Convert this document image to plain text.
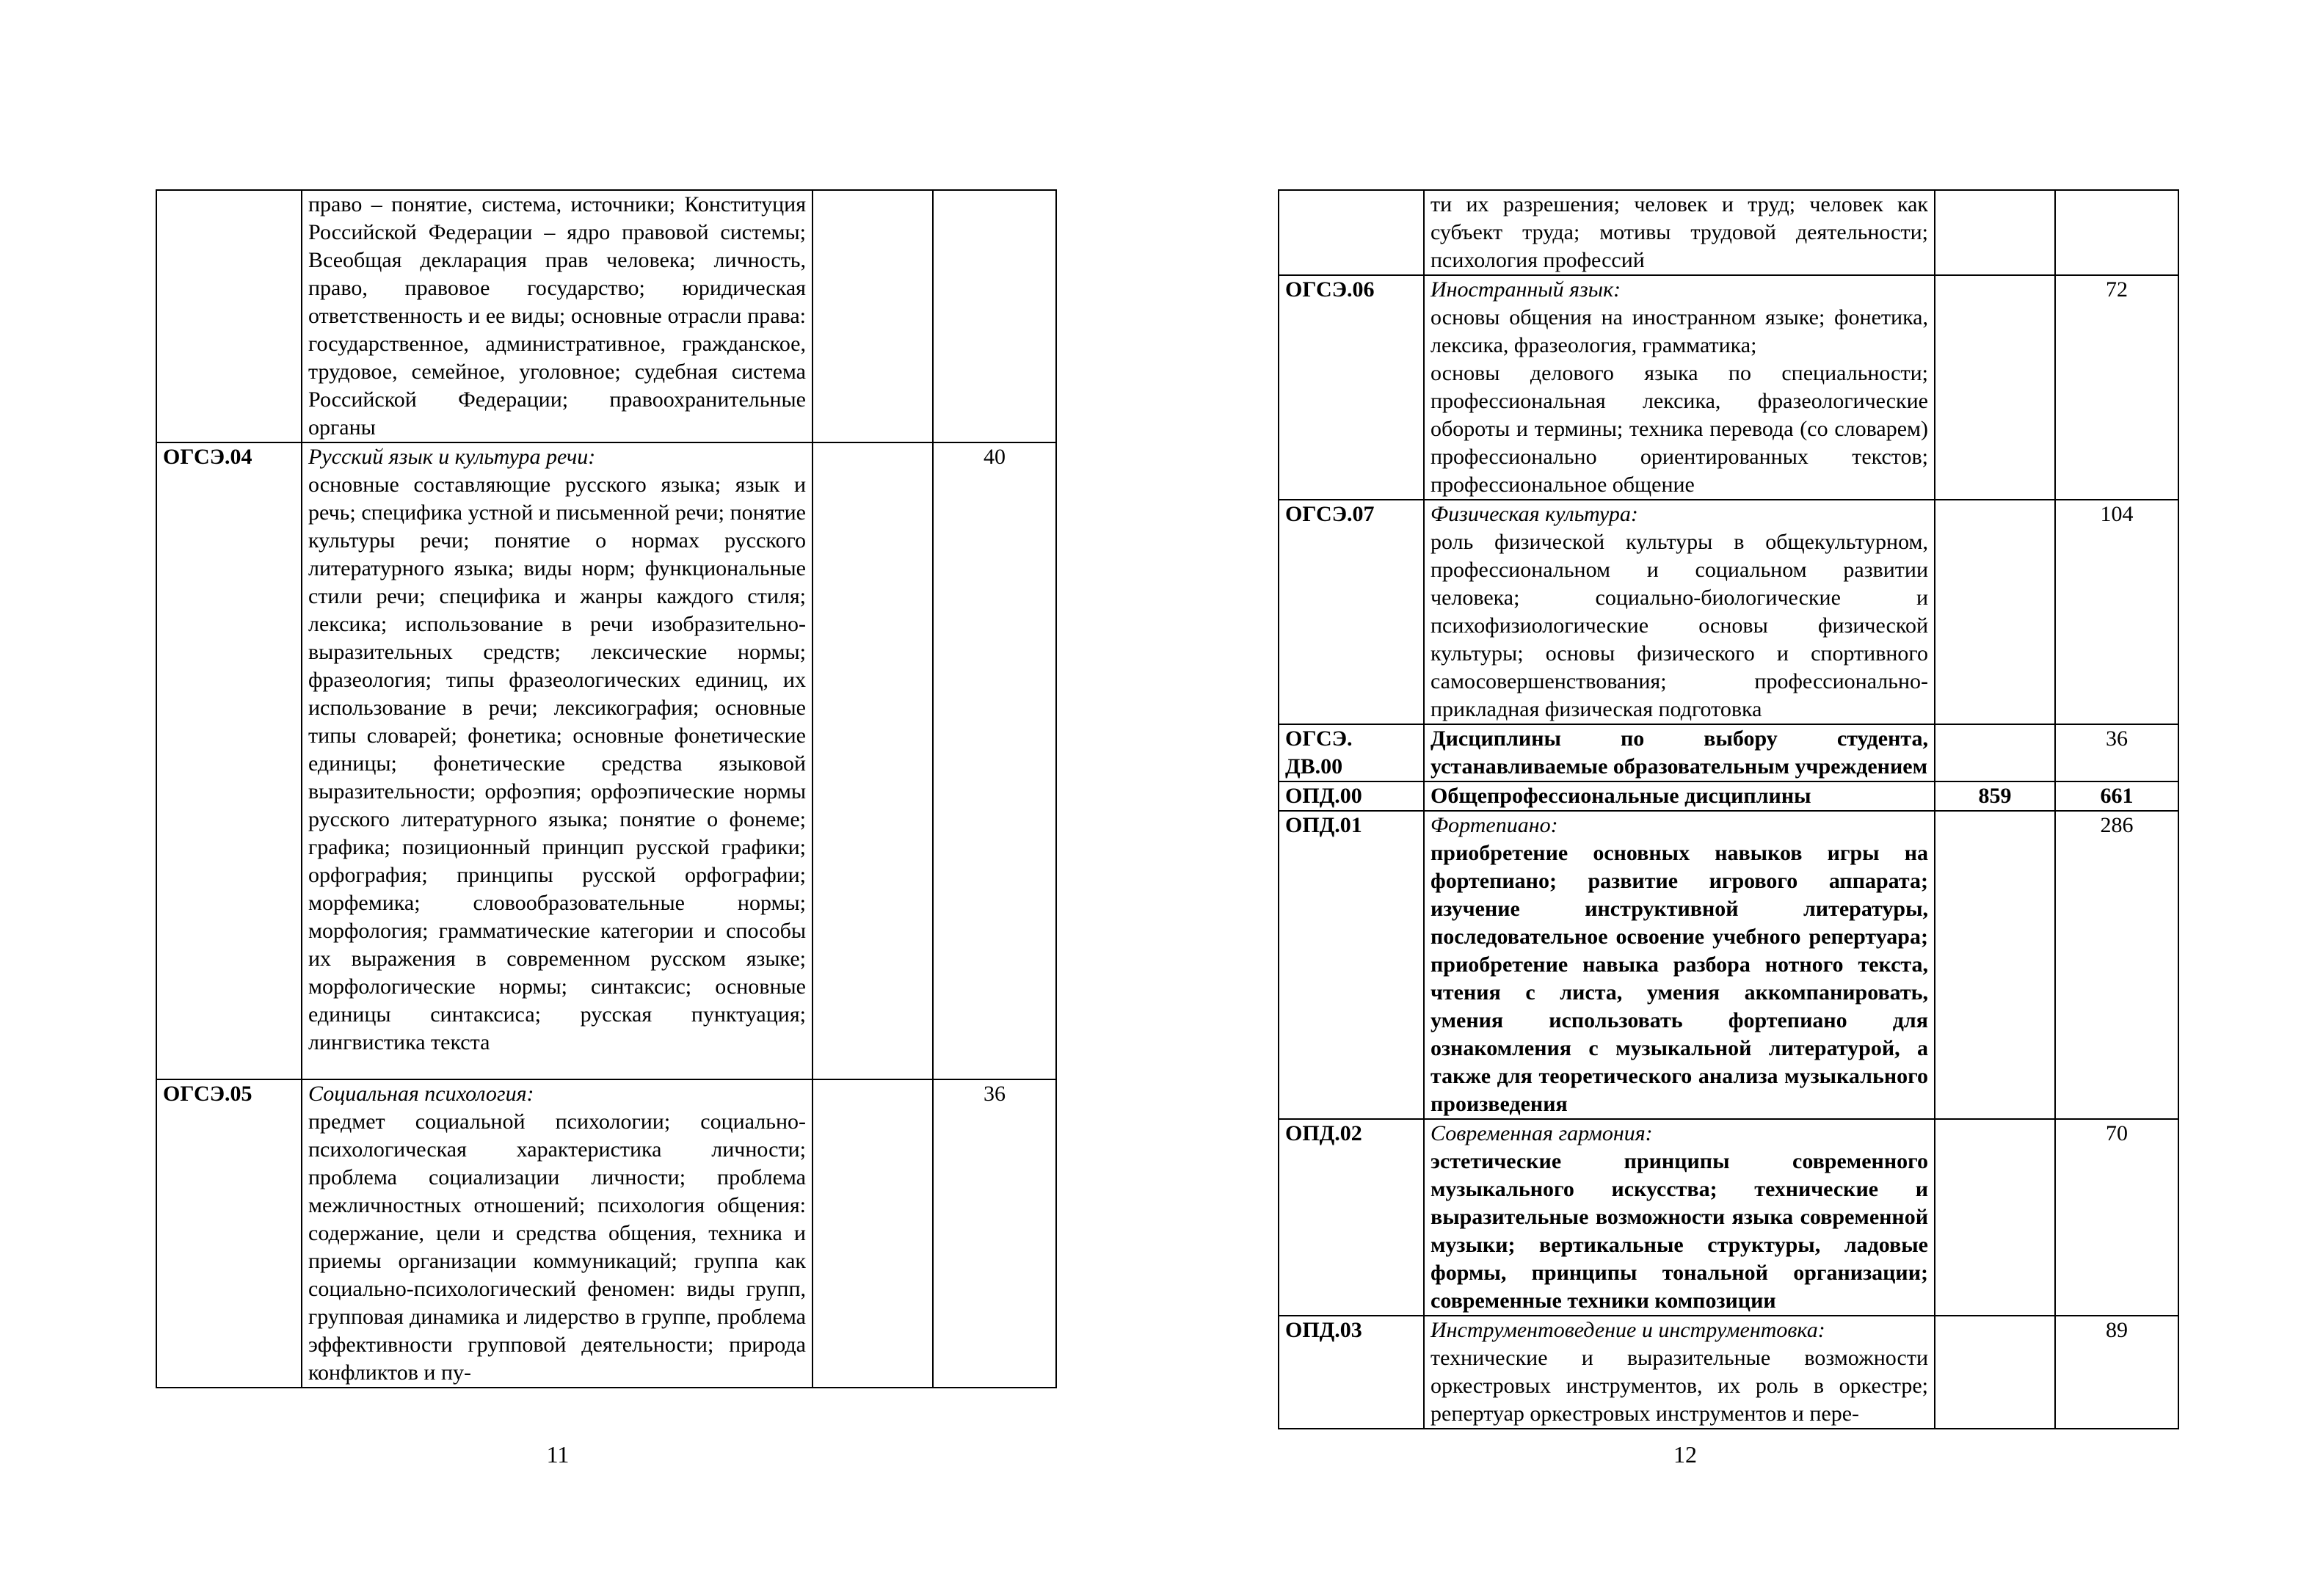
	право – понятие, система, источники; Конституция Российской Федерации – ядро правовой системы; Всеобщая декларация прав человека; личность, право, правовое государство; юридическая ответственность и ее виды; основные отрасли права: государственное, административное, гражданское, трудовое, семейное, уголовное; судебная система Российской Федерации; правоохранительные органы		

ОГСЭ.04	Русский язык и культура речи:
основные составляющие русского языка; язык и речь; специфика устной и письменной речи; понятие культуры речи; понятие о нормах русского литературного языка; виды норм; функциональные стили речи; специфика и жанры каждого стиля; лексика; использование в речи изобразительно-выразительных средств; лексические нормы; фразеология; типы фразеологических единиц, их использование в речи; лексикография; основные типы словарей; фонетика; основные фонетические единицы; фонетические средства языковой выразительности; орфоэпия; орфоэпические нормы русского литературного языка; понятие о фонеме; графика; позиционный принцип русской графики; орфография; принципы русской орфографии; морфемика; словообразовательные нормы; морфология; грамматические категории и способы их выражения в современном русском языке; морфологические нормы; синтаксис; основные единицы синтаксиса; русская пунктуация; лингвистика текста		40
ОГСЭ.05	Социальная психология:
предмет социальной психологии; социально-психологическая характеристика личности; проблема социализации личности; проблема межличностных отношений; психология общения: содержание, цели и средства общения, техника и приемы организации коммуникаций; группа как социально-психологический феномен: виды групп, групповая динамика и лидерство в группе, проблема эффективности групповой деятельности; природа конфликтов и пу-		36
11

	ти их разрешения; человек и труд; человек как субъект труда; мотивы трудовой деятельности; психология профессий		

ОГСЭ.06	Иностранный язык:
основы общения на иностранном языке; фонетика, лексика, фразеология, грамматика;
основы делового языка по специальности; профессиональная лексика, фразеологические обороты и термины; техника перевода (со словарем) профессионально ориентированных текстов; профессиональное общение		72
ОГСЭ.07	Физическая культура:
роль физической культуры в общекультурном, профессиональном и социальном развитии человека; социально-биологические и психофизиологические основы физической культуры; основы физического и спортивного самосовершенствования; профессионально-прикладная физическая подготовка		104
ОГСЭ.
ДВ.00	Дисциплины по выбору студента, устанавливаемые образовательным учреждением		36
ОПД.00	Общепрофессиональные дисциплины	859	661
ОПД.01	Фортепиано:
приобретение основных навыков игры на фортепиано; развитие игрового аппарата; изучение инструктивной литературы, последовательное освоение учебного репертуара; приобретение навыка разбора нотного текста, чтения с листа, умения аккомпанировать, умения использовать фортепиано для ознакомления с музыкальной литературой, а также для теоретического анализа музыкального произведения		286
ОПД.02	Современная гармония:
эстетические принципы современного музыкального искусства; технические и выразительные возможности языка современной музыки; вертикальные структуры, ладовые формы, принципы тональной организации; современные техники композиции		70
ОПД.03	Инструментоведение и инструментовка:
технические и выразительные возможности оркестровых инструментов, их роль в оркестре; репертуар оркестровых инструментов и пере-		89
12
